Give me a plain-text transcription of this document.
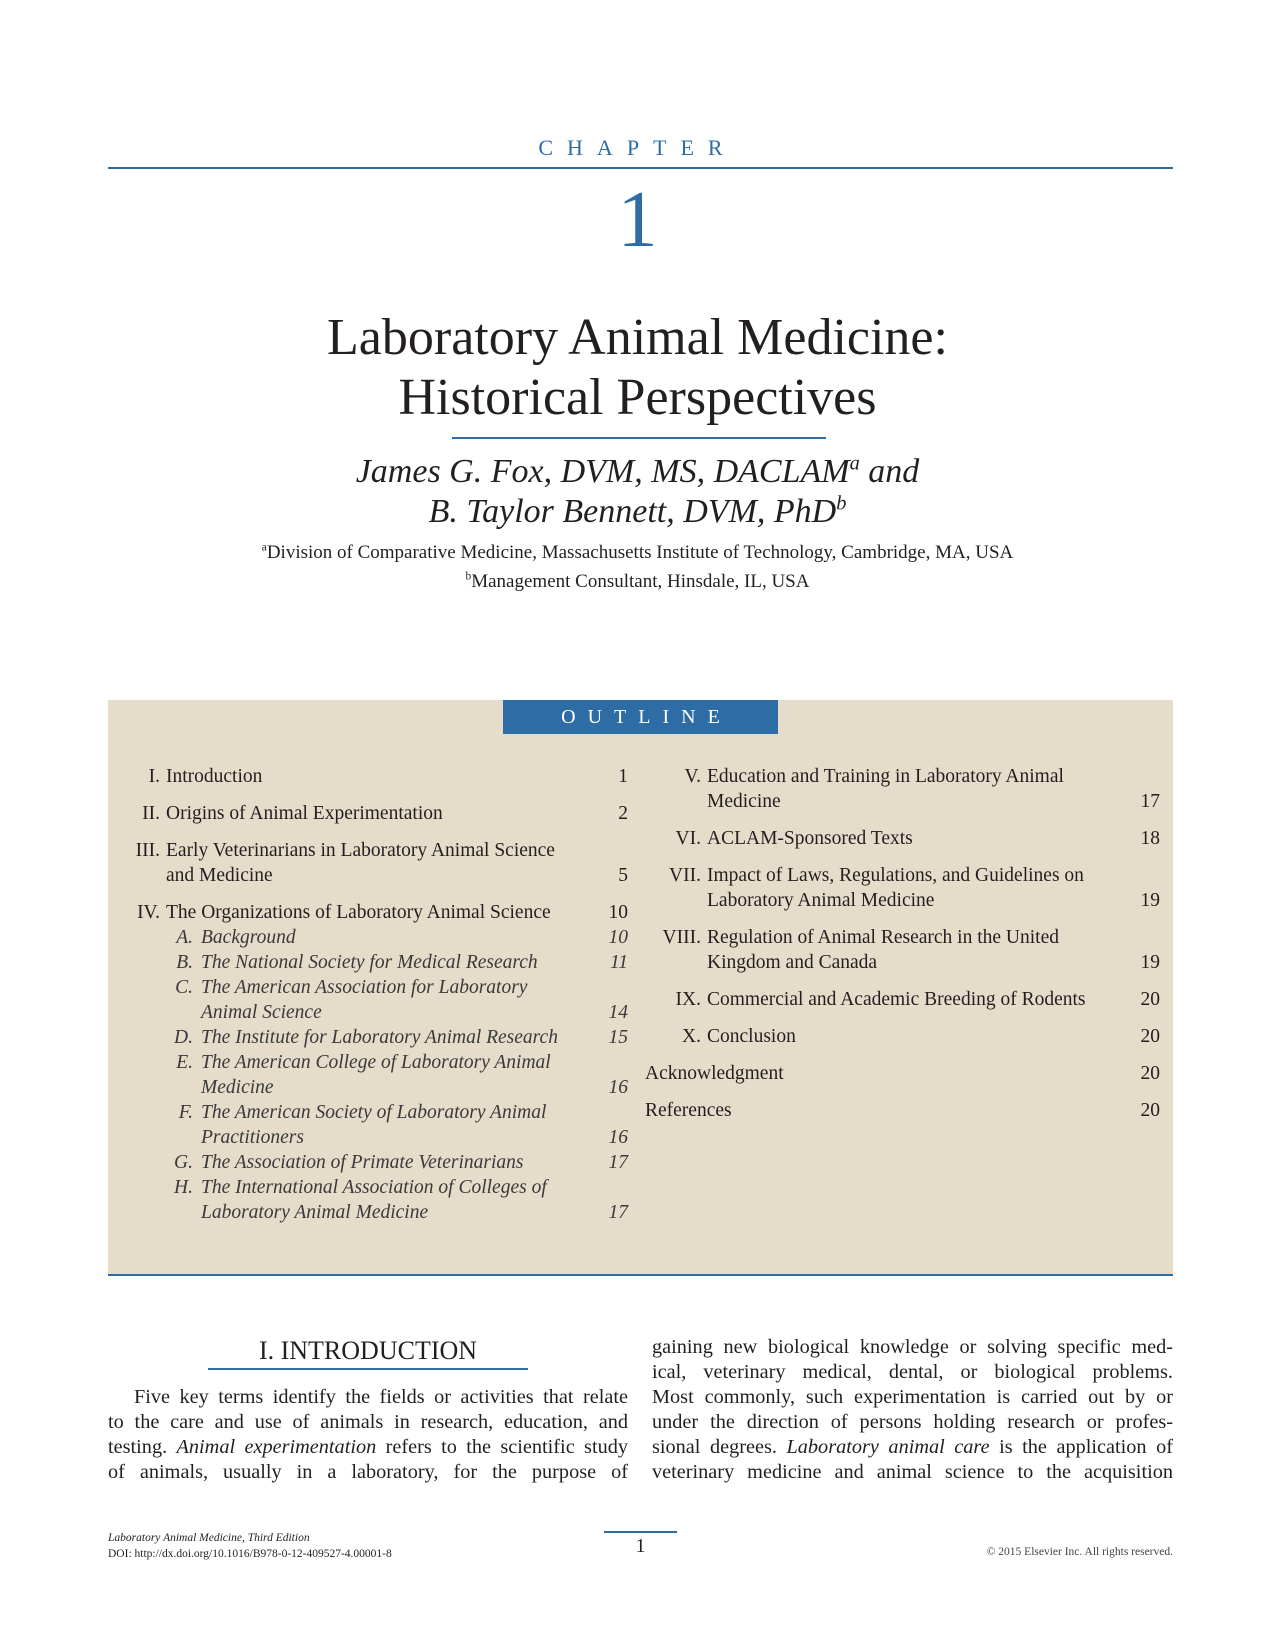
CHAPTER
1
Laboratory Animal Medicine:
Historical Perspectives
James G. Fox, DVM, MS, DACLAM$^a$ and
B. Taylor Bennett, DVM, PhD$^b$
$^a$Division of Comparative Medicine, Massachusetts Institute of Technology, Cambridge, MA, USA
$^b$Management Consultant, Hinsdale, IL, USA
OUTLINE
I. Introduction	1
II. Origins of Animal Experimentation	2
III. Early Veterinarians in Laboratory Animal Science and Medicine	5
IV. The Organizations of Laboratory Animal Science	10
A. Background	10
B. The National Society for Medical Research	11
C. The American Association for Laboratory Animal Science	14
D. The Institute for Laboratory Animal Research	15
E. The American College of Laboratory Animal Medicine	16
F. The American Society of Laboratory Animal Practitioners	16
G. The Association of Primate Veterinarians	17
H. The International Association of Colleges of Laboratory Animal Medicine	17
V. Education and Training in Laboratory Animal Medicine	17
VI. ACLAM-Sponsored Texts	18
VII. Impact of Laws, Regulations, and Guidelines on Laboratory Animal Medicine	19
VIII. Regulation of Animal Research in the United Kingdom and Canada	19
IX. Commercial and Academic Breeding of Rodents	20
X. Conclusion	20
Acknowledgment	20
References	20
I. INTRODUCTION
Five key terms identify the fields or activities that relate
to the care and use of animals in research, education, and
testing. Animal experimentation refers to the scientific study
of animals, usually in a laboratory, for the purpose of
gaining new biological knowledge or solving specific med-
ical, veterinary medical, dental, or biological problems.
Most commonly, such experimentation is carried out by or
under the direction of persons holding research or profes-
sional degrees. Laboratory animal care is the application of
veterinary medicine and animal science to the acquisition
Laboratory Animal Medicine, Third Edition
DOI: http://dx.doi.org/10.1016/B978-0-12-409527-4.00001-8	1	© 2015 Elsevier Inc. All rights reserved.
